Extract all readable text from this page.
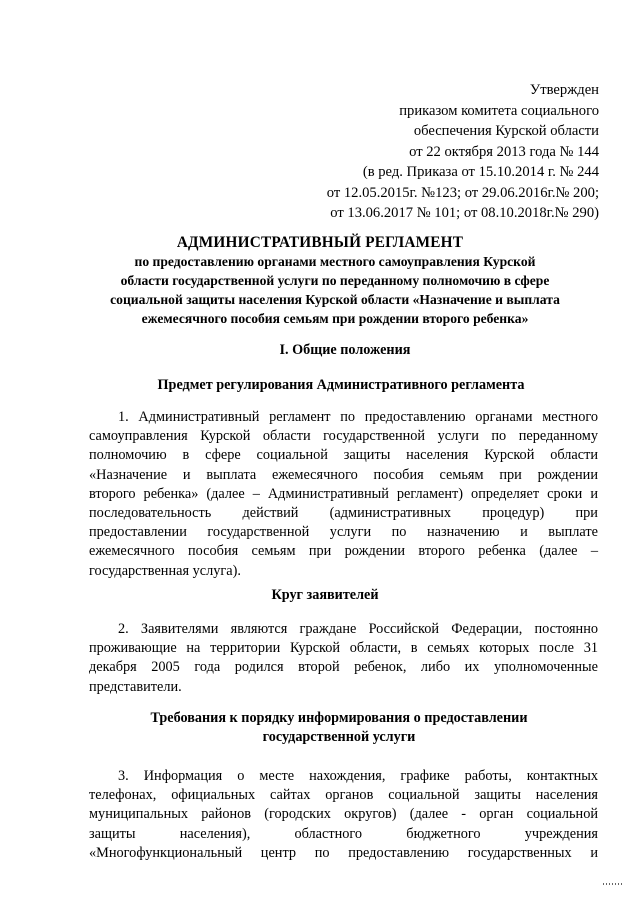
Утвержден
приказом комитета социального
обеспечения Курской области
от 22 октября 2013 года № 144
(в ред. Приказа от 15.10.2014 г. № 244
от 12.05.2015г. №123; от 29.06.2016г.№ 200;
от 13.06.2017 № 101; от 08.10.2018г.№ 290)
АДМИНИСТРАТИВНЫЙ РЕГЛАМЕНТ
по предоставлению органами местного самоуправления Курской
области государственной услуги по переданному полномочию в сфере
социальной защиты населения Курской области «Назначение и выплата
ежемесячного пособия семьям при рождении второго ребенка»
I. Общие положения
Предмет регулирования Административного регламента
1. Административный регламент по предоставлению органами местного
самоуправления Курской области государственной услуги по переданному
полномочию в сфере социальной защиты населения Курской области
«Назначение и выплата ежемесячного пособия семьям при рождении
второго ребенка» (далее – Административный регламент) определяет сроки и
последовательность действий (административных процедур) при
предоставлении государственной услуги по назначению и выплате
ежемесячного пособия семьям при рождении второго ребенка (далее –
государственная услуга).
Круг заявителей
2. Заявителями являются граждане Российской Федерации, постоянно
проживающие на территории Курской области, в семьях которых после 31
декабря 2005 года родился второй ребенок, либо их уполномоченные
представители.
Требования к порядку информирования о предоставлении
государственной услуги
3. Информация о месте нахождения, графике работы, контактных
телефонах, официальных сайтах органов социальной защиты населения
муниципальных районов (городских округов) (далее - орган социальной
защиты	населения),	областного	бюджетного	учреждения
«Многофункциональный центр по предоставлению государственных и
